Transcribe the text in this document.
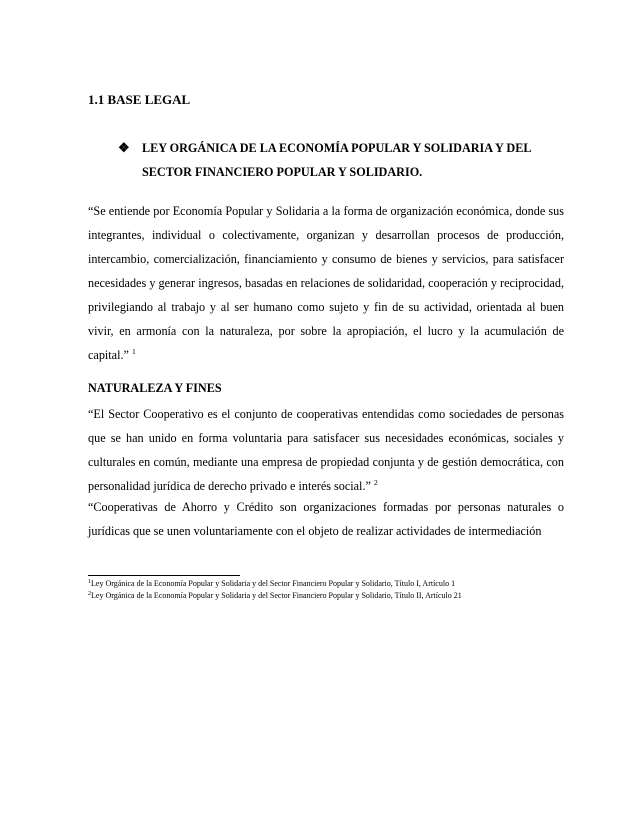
1.1 BASE LEGAL
❖	LEY ORGÁNICA DE LA ECONOMÍA POPULAR Y SOLIDARIA Y DEL SECTOR FINANCIERO POPULAR Y SOLIDARIO.

“Se entiende por Economía Popular y Solidaria a la forma de organización económica, donde sus integrantes, individual o colectivamente, organizan y desarrollan procesos de producción, intercambio, comercialización, financiamiento y consumo de bienes y servicios, para satisfacer necesidades y generar ingresos, basadas en relaciones de solidaridad, cooperación y reciprocidad, privilegiando al trabajo y al ser humano como sujeto y fin de su actividad, orientada al buen vivir, en armonía con la naturaleza, por sobre la apropiación, el lucro y la acumulación de capital.” $^1$

NATURALEZA Y FINES

“El Sector Cooperativo es el conjunto de cooperativas entendidas como sociedades de personas que se han unido en forma voluntaria para satisfacer sus necesidades económicas, sociales y culturales en común, mediante una empresa de propiedad conjunta y de gestión democrática, con personalidad jurídica de derecho privado e interés social.” $^2$

“Cooperativas de Ahorro y Crédito son organizaciones formadas por personas naturales o jurídicas que se unen voluntariamente con el objeto de realizar actividades de intermediación

$^1$Ley Orgánica de la Economía Popular y Solidaria y del Sector Financiero Popular y Solidario, Título I, Artículo 1
$^2$Ley Orgánica de la Economía Popular y Solidaria y del Sector Financiero Popular y Solidario, Título II, Artículo 21
